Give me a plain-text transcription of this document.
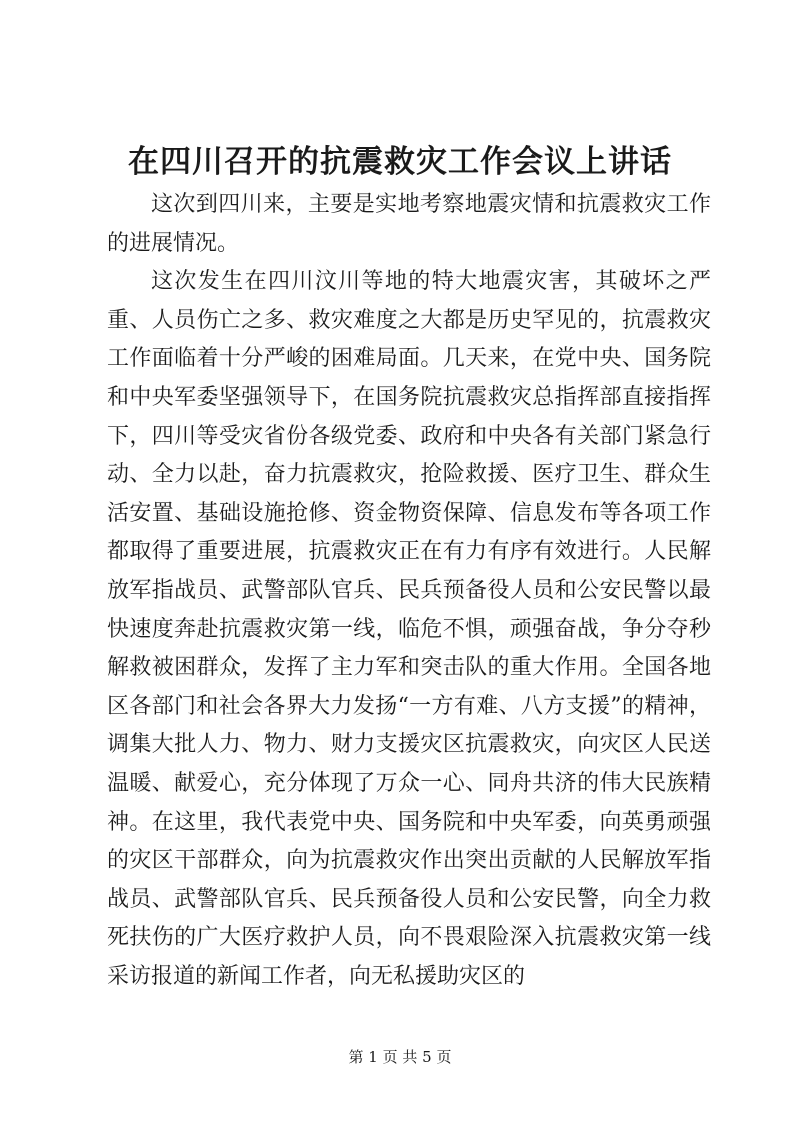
在四川召开的抗震救灾工作会议上讲话

这次到四川来，主要是实地考察地震灾情和抗震救灾工作的进展情况。

这次发生在四川汶川等地的特大地震灾害，其破坏之严重、人员伤亡之多、救灾难度之大都是历史罕见的，抗震救灾工作面临着十分严峻的困难局面。几天来，在党中央、国务院和中央军委坚强领导下，在国务院抗震救灾总指挥部直接指挥下，四川等受灾省份各级党委、政府和中央各有关部门紧急行动、全力以赴，奋力抗震救灾，抢险救援、医疗卫生、群众生活安置、基础设施抢修、资金物资保障、信息发布等各项工作都取得了重要进展，抗震救灾正在有力有序有效进行。人民解放军指战员、武警部队官兵、民兵预备役人员和公安民警以最快速度奔赴抗震救灾第一线，临危不惧，顽强奋战，争分夺秒解救被困群众，发挥了主力军和突击队的重大作用。全国各地区各部门和社会各界大力发扬“一方有难、八方支援”的精神，调集大批人力、物力、财力支援灾区抗震救灾，向灾区人民送温暖、献爱心，充分体现了万众一心、同舟共济的伟大民族精神。在这里，我代表党中央、国务院和中央军委，向英勇顽强的灾区干部群众，向为抗震救灾作出突出贡献的人民解放军指战员、武警部队官兵、民兵预备役人员和公安民警，向全力救死扶伤的广大医疗救护人员，向不畏艰险深入抗震救灾第一线采访报道的新闻工作者，向无私援助灾区的

第 1 页 共 5 页
